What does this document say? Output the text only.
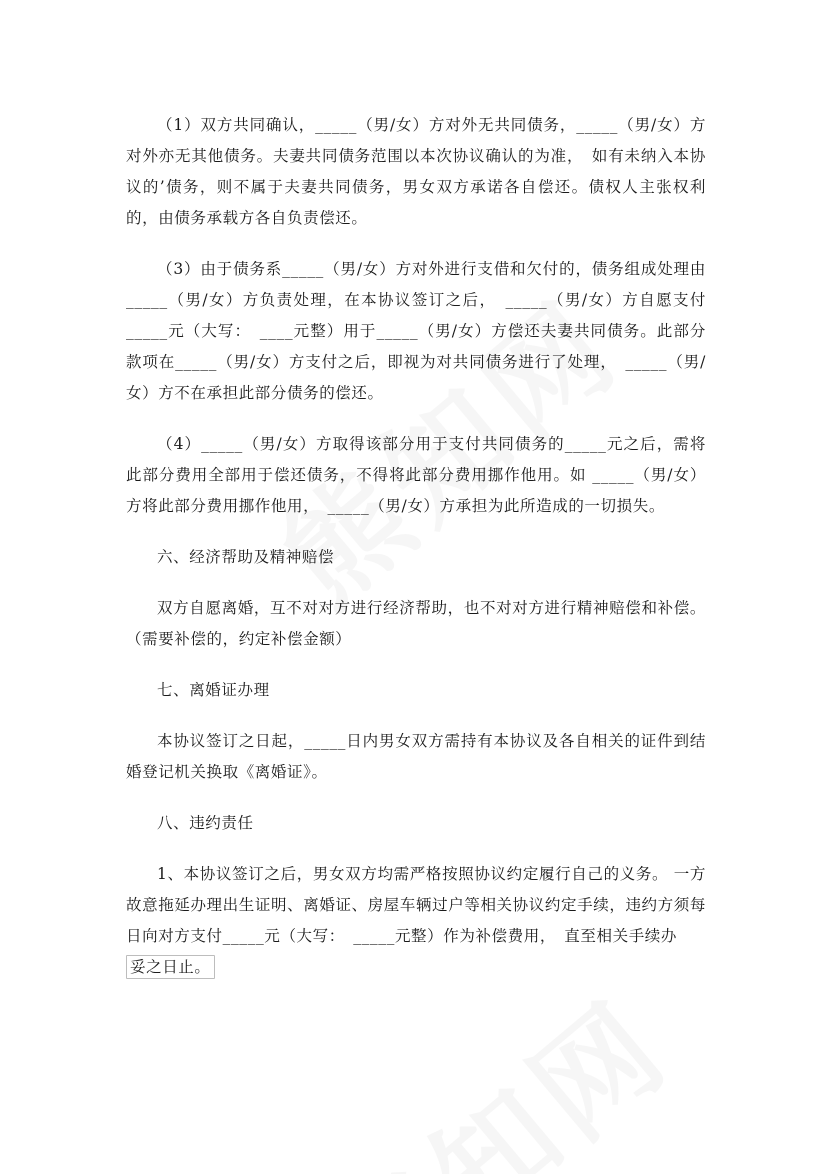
（1）双方共同确认，_____（男/女）方对外无共同债务，_____（男/女）方对外亦无其他债务。夫妻共同债务范围以本次协议确认的为准，　如有未纳入本协议的’债务，则不属于夫妻共同债务，男女双方承诺各自偿还。债权人主张权利的，由债务承载方各自负责偿还。

（3）由于债务系_____（男/女）方对外进行支借和欠付的，债务组成处理由_____（男/女）方负责处理，在本协议签订之后，　_____（男/女）方自愿支付_____元（大写：　____元整）用于_____（男/女）方偿还夫妻共同债务。此部分款项在_____（男/女）方支付之后，即视为对共同债务进行了处理，　_____（男/女）方不在承担此部分债务的偿还。

（4）_____（男/女）方取得该部分用于支付共同债务的_____元之后，需将此部分费用全部用于偿还债务，不得将此部分费用挪作他用。如 _____（男/女）方将此部分费用挪作他用，　_____（男/女）方承担为此所造成的一切损失。

六、经济帮助及精神赔偿

双方自愿离婚，互不对对方进行经济帮助，也不对对方进行精神赔偿和补偿。（需要补偿的，约定补偿金额）

七、离婚证办理

本协议签订之日起，_____日内男女双方需持有本协议及各自相关的证件到结婚登记机关换取《离婚证》。

八、违约责任

1、本协议签订之后，男女双方均需严格按照协议约定履行自己的义务。 一方故意拖延办理出生证明、离婚证、房屋车辆过户等相关协议约定手续，违约方须每日向对方支付_____元（大写：　_____元整）作为补偿费用，　直至相关手续办
妥之日止。
